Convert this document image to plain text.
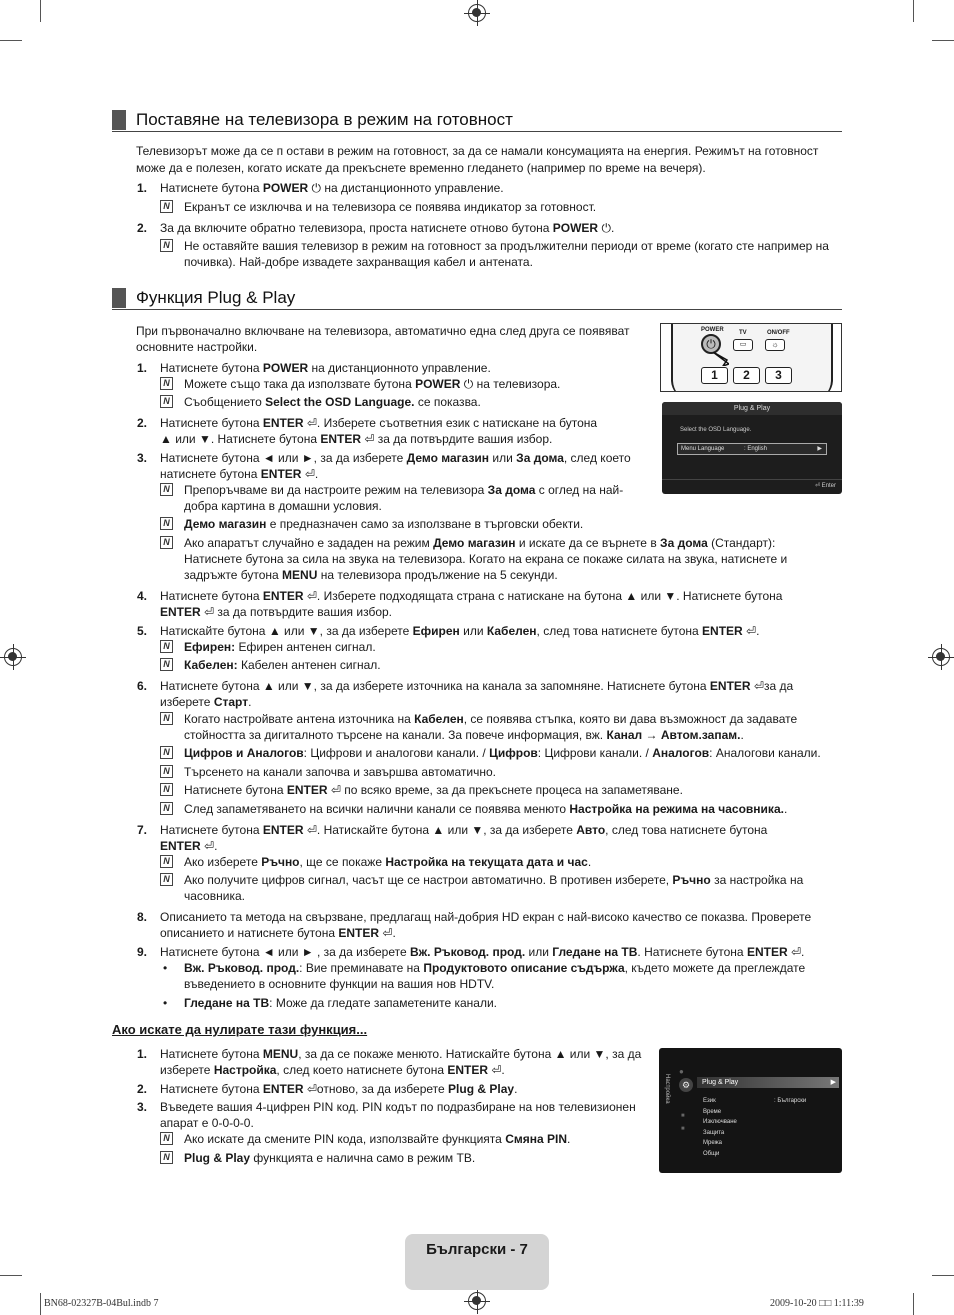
Поставяне на телевизора в режим на готовност
Телевизорът може да се п остави в режим на готовност, за да се намали консумацията на енергия. Режимът на готовност
може да е полезен, когато искате да прекъснете временно гледането (например по време на вечеря).
1. Натиснете бутона POWER ⏻ на дистанционното управление.
N Екранът се изключва и на телевизора се появява индикатор за готовност.
2. За да включите обратно телевизора, проста натиснете отново бутона POWER ⏻.
N Не оставяйте вашия телевизор в режим на готовност за продължителни периоди от време (когато сте например на
почивка). Най-добре извадете захранващия кабел и антената.
Функция Plug & Play
При първоначално включване на телевизора, автоматично една след друга се появяват
основните настройки.
1. Натиснете бутона POWER на дистанционното управление.
N Можете също така да използвате бутона POWER ⏻ на телевизора.
N Съобщението Select the OSD Language. се показва.
2. Натиснете бутона ENTER ⏎. Изберете съответния език с натискане на бутона
▲ или ▼. Натиснете бутона ENTER ⏎ за да потвърдите вашия избор.
3. Натиснете бутона ◄ или ►, за да изберете Демо магазин или За дома, след което
натиснете бутона ENTER ⏎.
N Препоръчваме ви да настроите режим на телевизора За дома с оглед на най-
добра картина в домашни условия.
N Демо магазин е предназначен само за използване в търговски обекти.
N Ако апаратът случайно е зададен на режим Демо магазин и искате да се върнете в За дома (Стандарт):
Натиснете бутона за сила на звука на телевизора. Когато на екрана се покаже силата на звука, натиснете и
задръжте бутона MENU на телевизора продължение на 5 секунди.
4. Натиснете бутона ENTER ⏎. Изберете подходящата страна с натискане на бутона ▲ или ▼. Натиснете бутона
ENTER ⏎ за да потвърдите вашия избор.
5. Натискайте бутона ▲ или ▼, за да изберете Ефирен или Кабелен, след това натиснете бутона ENTER ⏎.
N Ефирен: Ефирен антенен сигнал.
N Кабелен: Кабелен антенен сигнал.
6. Натиснете бутона ▲ или ▼, за да изберете източника на канала за запомняне. Натиснете бутона ENTER ⏎за да
изберете Старт.
N Когато настройвате антена източника на Кабелен, се появява стъпка, която ви дава възможност да задавате
стойността за дигиталното търсене на канали. За повече информация, вж. Канал → Автом.запам..
N Цифров и Аналогов: Цифрови и аналогови канали. / Цифров: Цифрови канали. / Аналогов: Аналогови канали.
N Търсенето на канали започва и завършва автоматично.
N Натиснете бутона ENTER ⏎ по всяко време, за да прекъснете процеса на запаметяване.
N След запаметяването на всички налични канали се появява менюто Настройка на режима на часовника..
7. Натиснете бутона ENTER ⏎. Натискайте бутона ▲ или ▼, за да изберете Авто, след това натиснете бутона
ENTER ⏎.
N Ако изберете Ръчно, ще се покаже Настройка на текущата дата и час.
N Ако получите цифров сигнал, часът ще се настрои автоматично. В противен изберете, Ръчно за настройка на
часовника.
8. Описанието та метода на свързване, предлагащ най-добрия HD екран с най-високо качество се показва. Проверете
описанието и натиснете бутона ENTER ⏎.
9. Натиснете бутона ◄ или ► , за да изберете Вж. Ръковод. прод. или Гледане на ТВ. Натиснете бутона ENTER ⏎.
• Вж. Ръковод. прод.: Вие преминавате на Продуктовото описание съдържа, където можете да преглеждате
въведението в основните функции на вашия нов HDTV.
• Гледане на ТВ: Може да гледате запаметените канали.
Ако искате да нулирате тази функция...
1. Натиснете бутона MENU, за да се покаже менюто. Натискайте бутона ▲ или ▼, за да
изберете Настройка, след което натиснете бутона ENTER ⏎.
2. Натиснете бутона ENTER ⏎отново, за да изберете Plug & Play.
3. Въведете вашия 4-цифрен PIN код. PIN кодът по подразбиране на нов телевизионен
апарат е 0-0-0-0.
N Ако искате да смените PIN кода, използвайте функцията Смяна PIN.
N Plug & Play функцията е налична само в режим ТВ.
POWER	TV	ON/OFF
⏻	▭	☼
1	2	3
Plug & Play
Select the OSD Language.
Menu Language	: English	▶
⏎ Enter
Настройка
●
⚙
■
■
Plug & Play	▶
Език
Време
Изключване
Защита
Мрежа
Общи
: Български
Български - 7
BN68-02327B-04Bul.indb 7	2009-10-20 □□ 1:11:39
